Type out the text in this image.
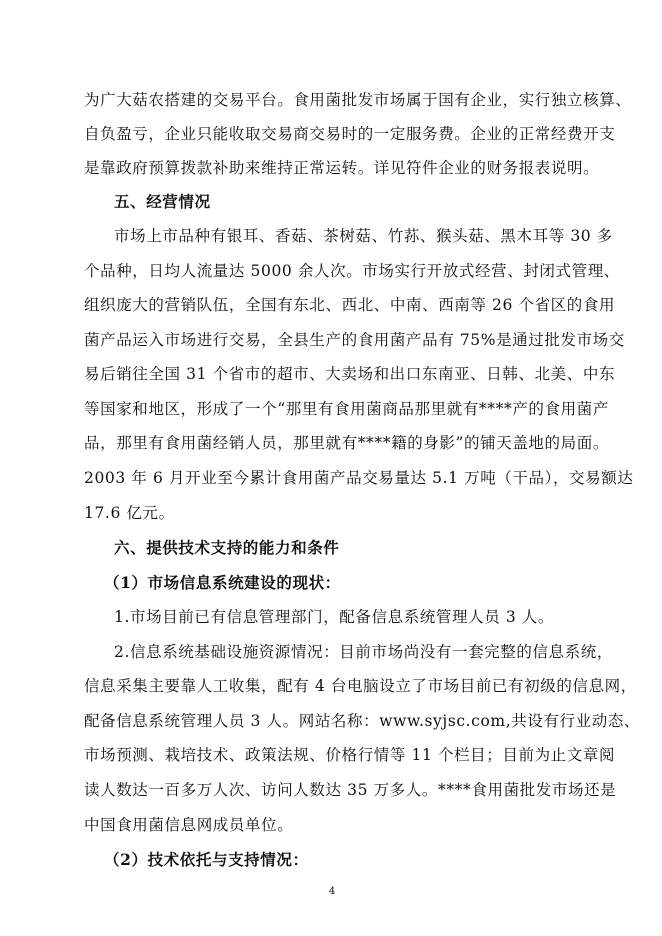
为广大菇农搭建的交易平台。食用菌批发市场属于国有企业，实行独立核算、
自负盈亏，企业只能收取交易商交易时的一定服务费。企业的正常经费开支
是靠政府预算拨款补助来维持正常运转。详见符件企业的财务报表说明。
五、经营情况
市场上市品种有银耳、香菇、茶树菇、竹荪、猴头菇、黑木耳等 30 多
个品种，日均人流量达 5000 余人次。市场实行开放式经营、封闭式管理、
组织庞大的营销队伍，全国有东北、西北、中南、西南等 26 个省区的食用
菌产品运入市场进行交易，全县生产的食用菌产品有 75%是通过批发市场交
易后销往全国 31 个省市的超市、大卖场和出口东南亚、日韩、北美、中东
等国家和地区，形成了一个“那里有食用菌商品那里就有****产的食用菌产
品，那里有食用菌经销人员，那里就有****籍的身影”的铺天盖地的局面。
2003 年 6 月开业至今累计食用菌产品交易量达 5.1 万吨（干品），交易额达
17.6 亿元。
六、提供技术支持的能力和条件
（1）市场信息系统建设的现状：
1.市场目前已有信息管理部门，配备信息系统管理人员 3 人。
2.信息系统基础设施资源情况：目前市场尚没有一套完整的信息系统，
信息采集主要靠人工收集，配有 4 台电脑设立了市场目前已有初级的信息网，
配备信息系统管理人员 3 人。网站名称：www.syjsc.com,共设有行业动态、
市场预测、栽培技术、政策法规、价格行情等 11 个栏目；目前为止文章阅
读人数达一百多万人次、访问人数达 35 万多人。****食用菌批发市场还是
中国食用菌信息网成员单位。
（2）技术依托与支持情况：
4
